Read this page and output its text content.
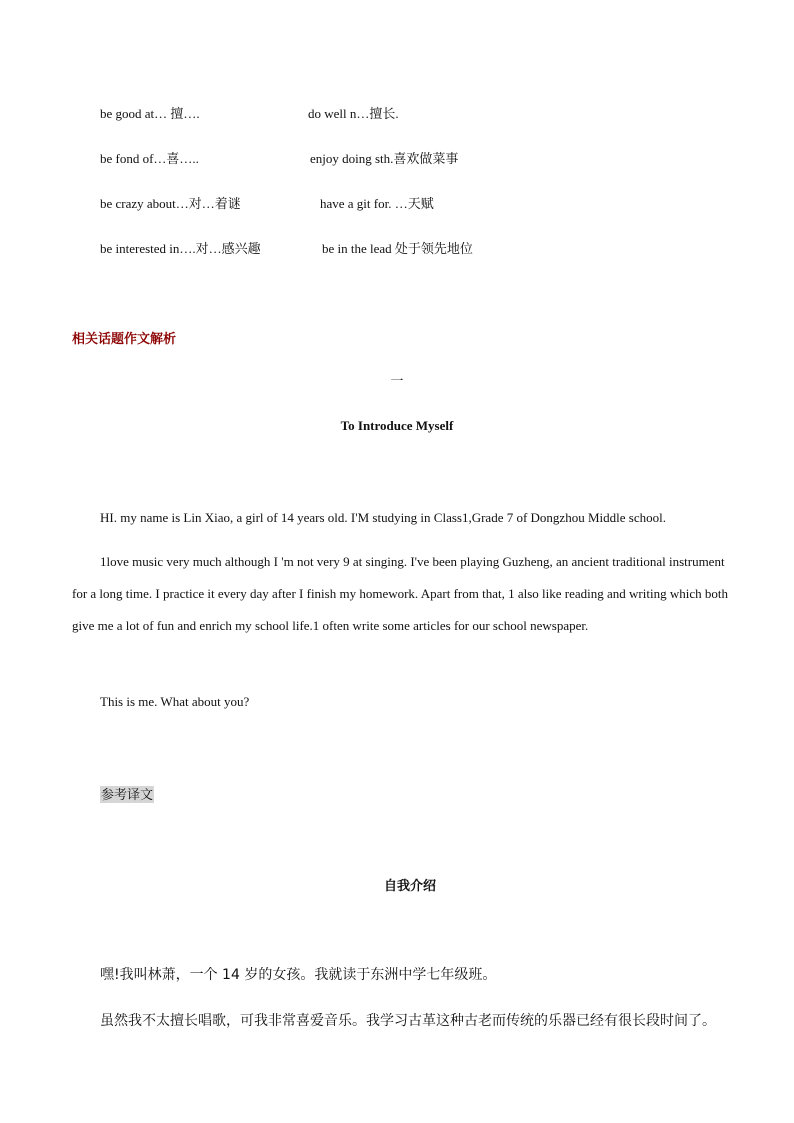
be good at… 擅….	do well n…擅长.
be fond of…喜…..	enjoy doing sth.喜欢做菜事
be crazy about…对…着谜	have a git for. …天赋
be interested in….对…感兴趣	be in the lead 处于领先地位
相关话题作文解析
一
To Introduce Myself
HI. my name is Lin Xiao, a girl of 14 years old. I'M studying in Class1,Grade 7 of Dongzhou Middle school.
1love music very much although I 'm not very 9 at singing. I've been playing Guzheng, an ancient traditional instrument for a long time. I practice it every day after I finish my homework. Apart from that, 1 also like reading and writing which both give me a lot of fun and enrich my school life.1 often write some articles for our school newspaper.
This is me. What about you?
参考译文
自我介绍
嘿!我叫林萧，一个 14 岁的女孩。我就读于东洲中学七年级班。
虽然我不太擅长唱歌，可我非常喜爱音乐。我学习古革这种古老而传统的乐器已经有很长段时间了。
